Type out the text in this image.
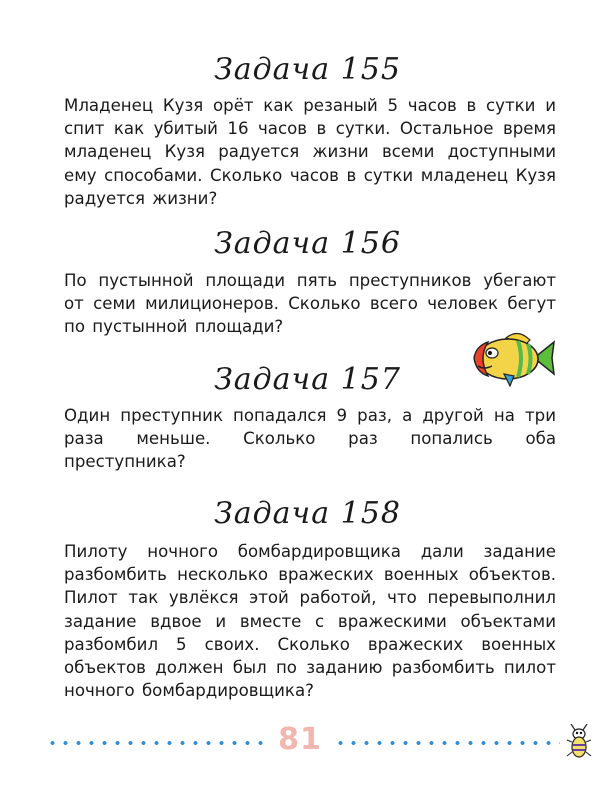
Задача 155
Младенец Кузя орёт как резаный 5 часов в сутки и спит как убитый 16 часов в сутки. Остальное время младенец Кузя радуется жизни всеми доступными ему способами. Сколько часов в сутки младенец Кузя радуется жизни?
Задача 156
По пустынной площади пять преступников убегают от семи милиционеров. Сколько всего человек бегут по пустынной площади?
Задача 157
Один преступник попадался 9 раз, а другой на три раза меньше. Сколько раз попались оба преступника?
Задача 158
Пилоту ночного бомбардировщика дали задание разбомбить несколько вражеских военных объектов. Пилот так увлёкся этой работой, что перевыполнил задание вдвое и вместе с вражескими объектами разбомбил 5 своих. Сколько вражеских военных объектов должен был по заданию разбомбить пилот ночного бомбардировщика?
81
